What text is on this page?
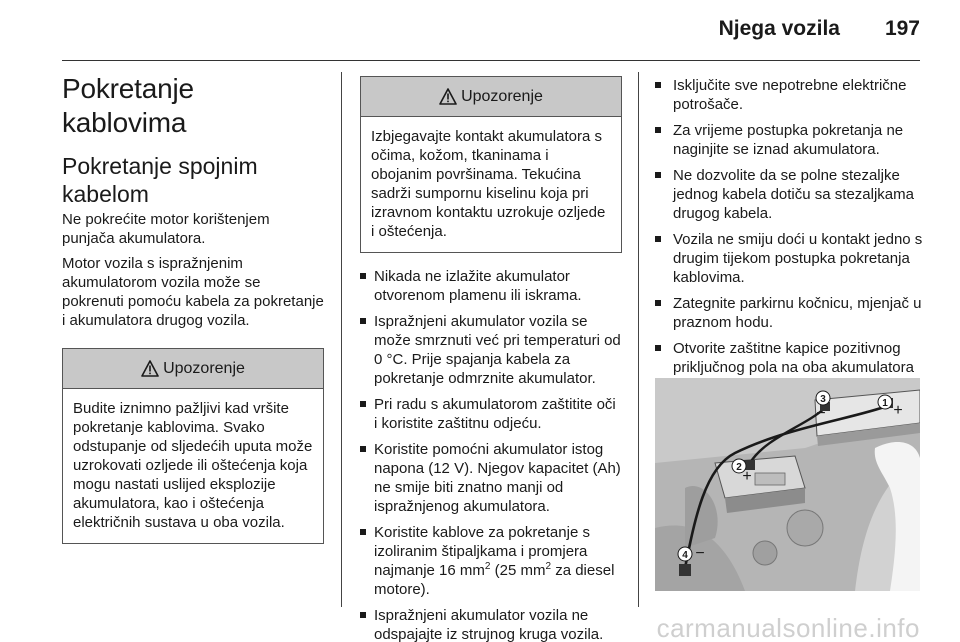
Njega vozila 197
Pokretanje kablovima
Pokretanje spojnim kabelom

Ne pokrećite motor korištenjem punjača akumulatora.

Motor vozila s ispražnjenim akumulatorom vozila može se pokrenuti pomoću kabela za pokretanje i akumulatora drugog vozila.

Upozorenje
Budite iznimno pažljivi kad vršite pokretanje kablovima. Svako odstupanje od sljedećih uputa može uzrokovati ozljede ili oštećenja koja mogu nastati uslijed eksplozije akumulatora, kao i oštećenja električnih sustava u oba vozila.
Upozorenje
Izbjegavajte kontakt akumulatora s očima, kožom, tkaninama i obojanim površinama. Tekućina sadrži sumpornu kiselinu koja pri izravnom kontaktu uzrokuje ozljede i oštećenja.
Nikada ne izlažite akumulator otvorenom plamenu ili iskrama.
Ispražnjeni akumulator vozila se može smrznuti već pri temperaturi od 0 °C. Prije spajanja kabela za pokretanje odmrznite akumulator.
Pri radu s akumulatorom zaštitite oči i koristite zaštitnu odjeću.
Koristite pomoćni akumulator istog napona (12 V). Njegov kapacitet (Ah) ne smije biti znatno manji od ispražnjenog akumulatora.
Koristite kablove za pokretanje s izoliranim štipaljkama i promjera najmanje 16 $mm^2$ (25 $mm^2$ za diesel motore).
Ispražnjeni akumulator vozila ne odspajajte iz strujnog kruga vozila.
Isključite sve nepotrebne električne potrošače.
Za vrijeme postupka pokretanja ne naginjite se iznad akumulatora.
Ne dozvolite da se polne stezaljke jednog kabela dotiču sa stezaljkama drugog kabela.
Vozila ne smiju doći u kontakt jedno s drugim tijekom postupka pokretanja kablovima.
Zategnite parkirnu kočnicu, mjenjač u praznom hodu.
Otvorite zaštitne kapice pozitivnog priključnog pola na oba akumulatora
1 +
3
−
2
+
4 −
carmanualsonline.info
